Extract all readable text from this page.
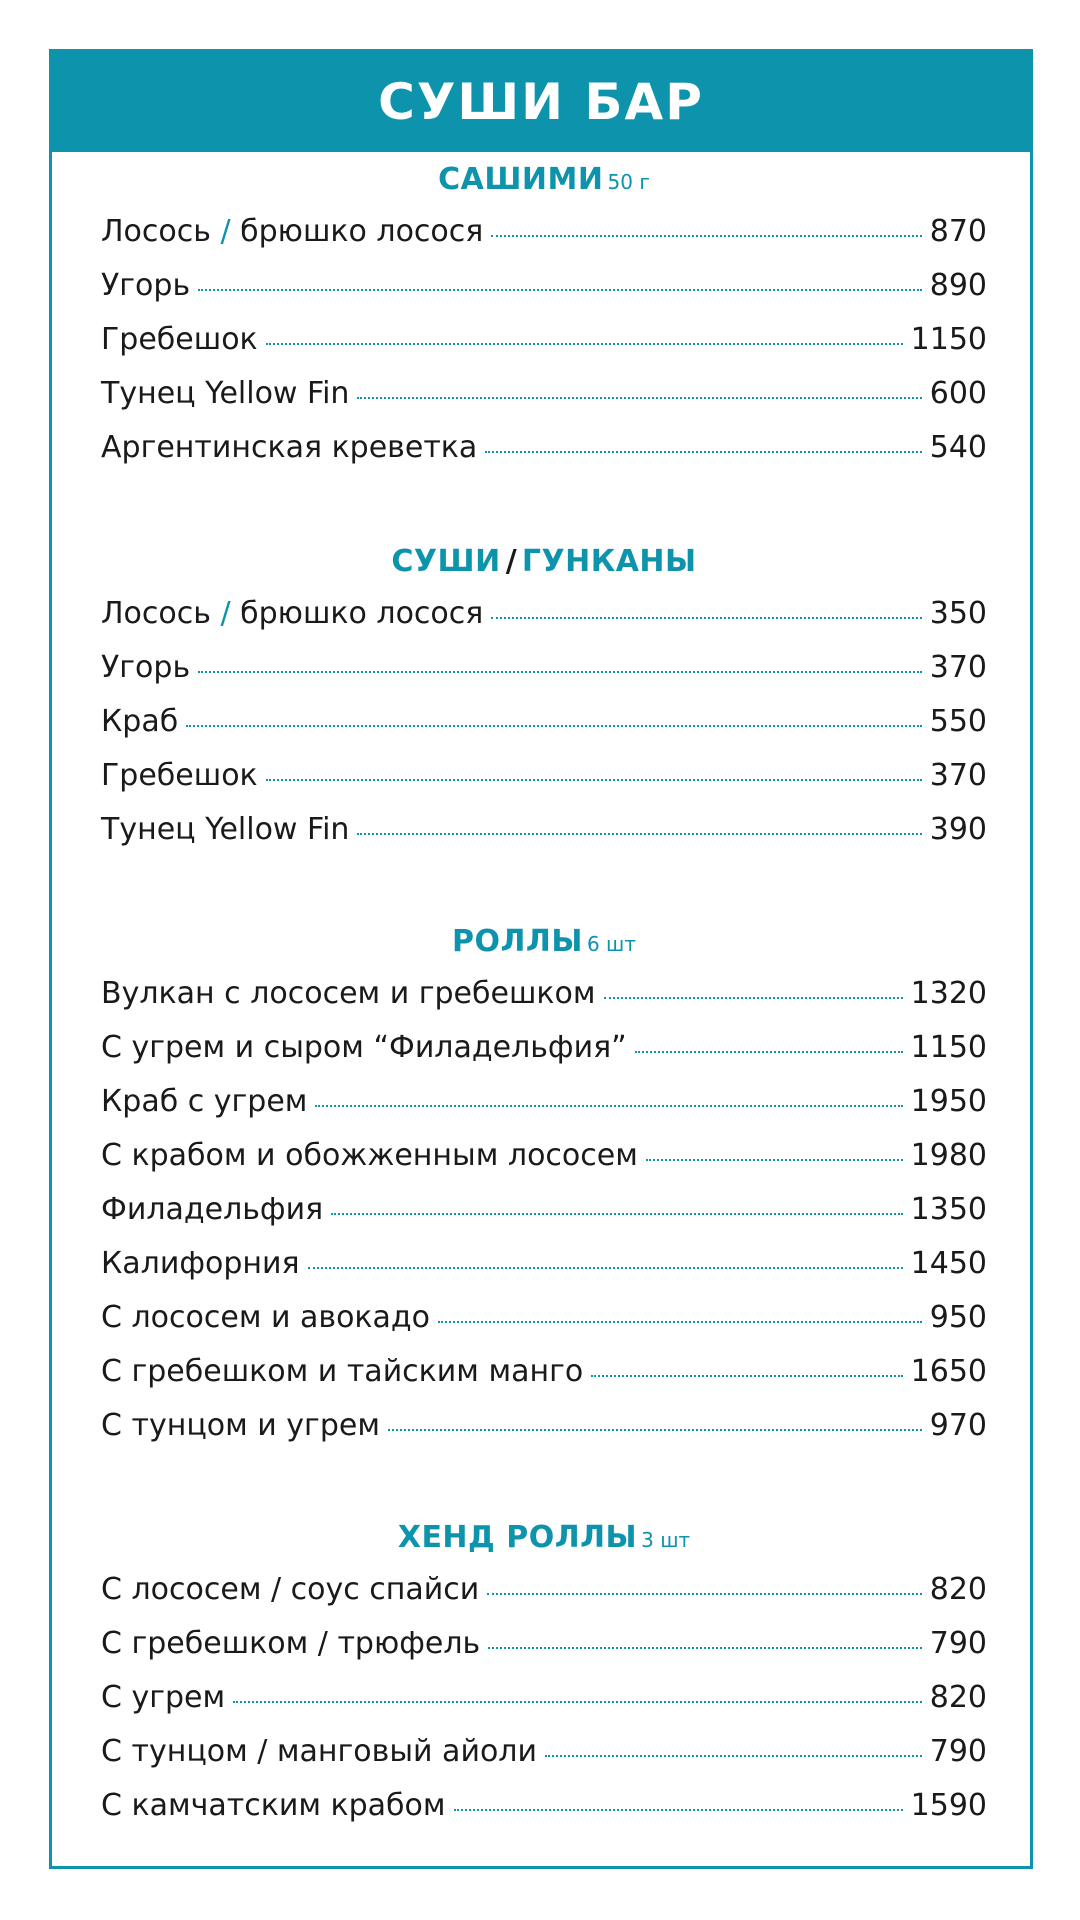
СУШИ БАР
САШИМИ 50 г
Лосось / брюшко лосося	870
Угорь	890
Гребешок	1150
Тунец Yellow Fin	600
Аргентинская креветка	540
СУШИ / ГУНКАНЫ
Лосось / брюшко лосося	350
Угорь	370
Краб	550
Гребешок	370
Тунец Yellow Fin	390
РОЛЛЫ 6 шт
Вулкан с лососем и гребешком	1320
С угрем и сыром “Филадельфия”	1150
Краб с угрем	1950
С крабом и обожженным лососем	1980
Филадельфия	1350
Калифорния	1450
С лососем и авокадо	950
С гребешком и тайским манго	1650
С тунцом и угрем	970
ХЕНД РОЛЛЫ 3 шт
С лососем / соус спайси	820
С гребешком / трюфель	790
С угрем	820
С тунцом / манговый айоли	790
С камчатским крабом	1590
